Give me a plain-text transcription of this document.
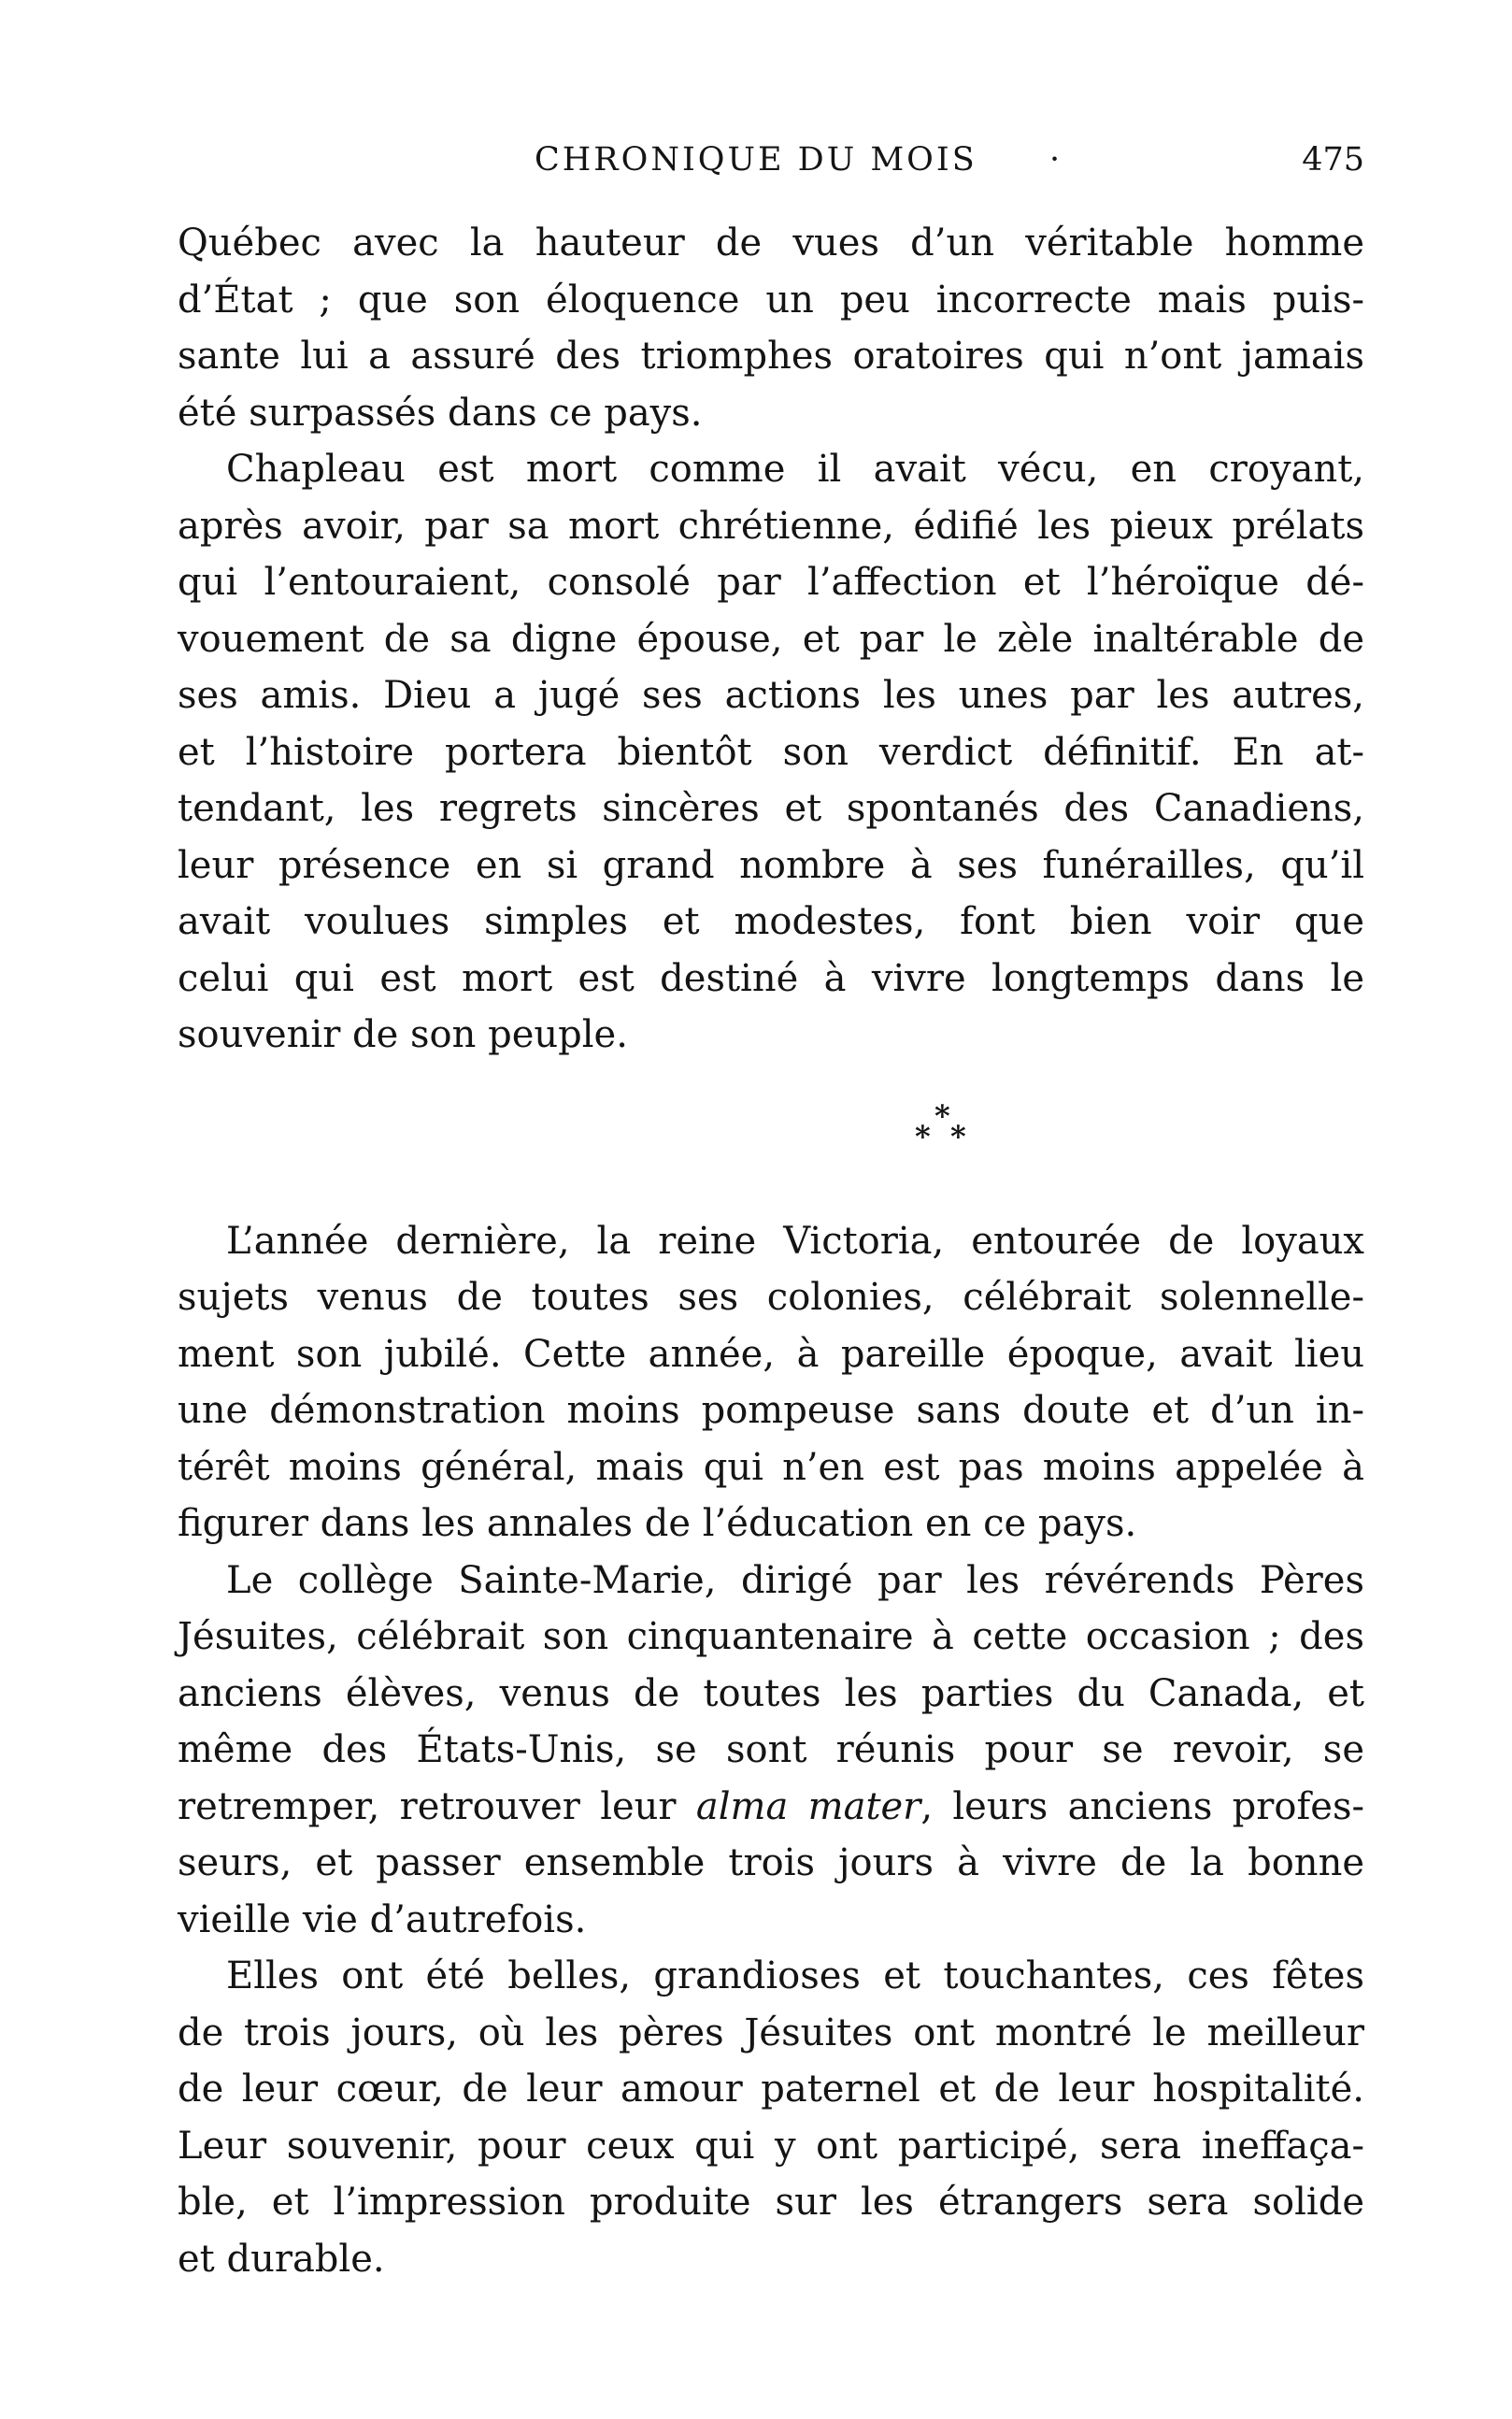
CHRONIQUE DU MOIS ·	475
Québec avec la hauteur de vues d’un véritable homme
d’État ; que son éloquence un peu incorrecte mais puis-
sante lui a assuré des triomphes oratoires qui n’ont jamais
été surpassés dans ce pays.
Chapleau est mort comme il avait vécu, en croyant,
après avoir, par sa mort chrétienne, édifié les pieux prélats
qui l’entouraient, consolé par l’affection et l’héroïque dé-
vouement de sa digne épouse, et par le zèle inaltérable de
ses amis. Dieu a jugé ses actions les unes par les autres,
et l’histoire portera bientôt son verdict définitif. En at-
tendant, les regrets sincères et spontanés des Canadiens,
leur présence en si grand nombre à ses funérailles, qu’il
avait voulues simples et modestes, font bien voir que
celui qui est mort est destiné à vivre longtemps dans le
souvenir de son peuple.
*
* *
L’année dernière, la reine Victoria, entourée de loyaux
sujets venus de toutes ses colonies, célébrait solennelle-
ment son jubilé. Cette année, à pareille époque, avait lieu
une démonstration moins pompeuse sans doute et d’un in-
térêt moins général, mais qui n’en est pas moins appelée à
figurer dans les annales de l’éducation en ce pays.
Le collège Sainte-Marie, dirigé par les révérends Pères
Jésuites, célébrait son cinquantenaire à cette occasion ; des
anciens élèves, venus de toutes les parties du Canada, et
même des États-Unis, se sont réunis pour se revoir, se
retremper, retrouver leur alma mater, leurs anciens profes-
seurs, et passer ensemble trois jours à vivre de la bonne
vieille vie d’autrefois.
Elles ont été belles, grandioses et touchantes, ces fêtes
de trois jours, où les pères Jésuites ont montré le meilleur
de leur cœur, de leur amour paternel et de leur hospitalité.
Leur souvenir, pour ceux qui y ont participé, sera ineffaça-
ble, et l’impression produite sur les étrangers sera solide
et durable.
